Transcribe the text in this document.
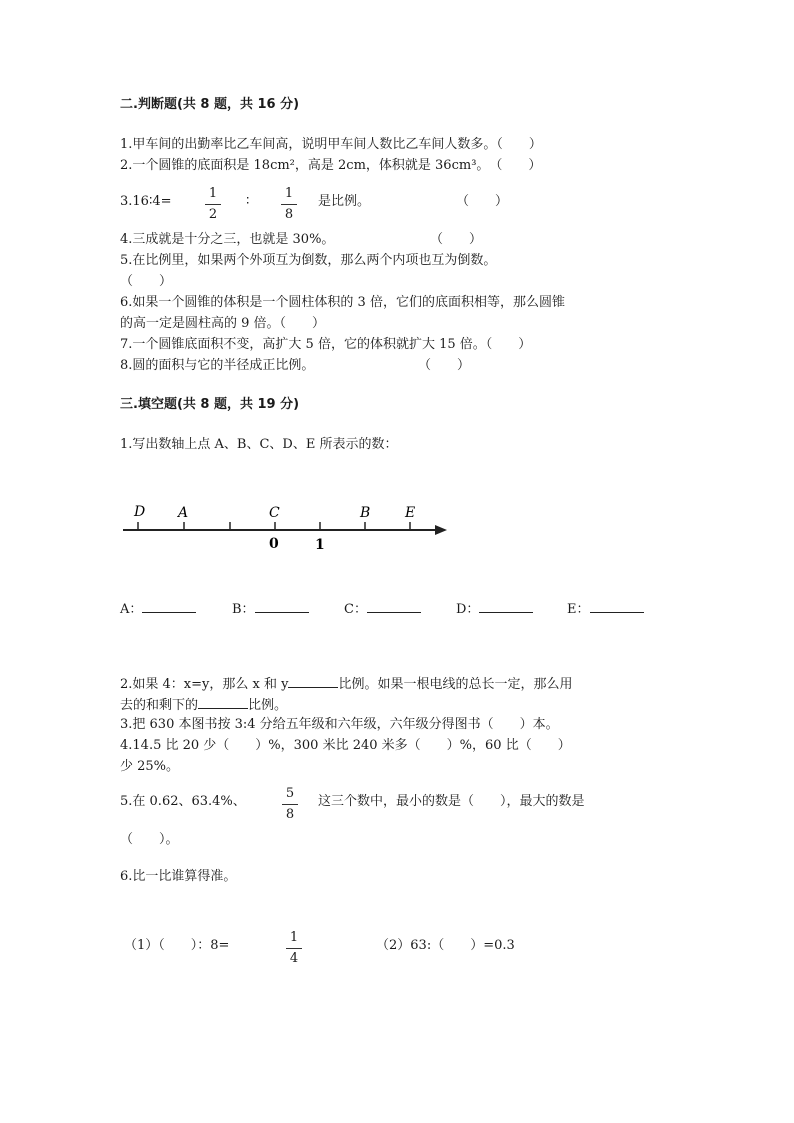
二.判断题(共 8 题，共 16 分)
1.甲车间的出勤率比乙车间高，说明甲车间人数比乙车间人数多。（　　）
2.一个圆锥的底面积是 18cm²，高是 2cm，体积就是 36cm³。　（　　）
3.16∶4=
1
2
∶
1
8
是比例。	（　　）
4.三成就是十分之三，也就是 30%。	（　　）
5.在比例里，如果两个外项互为倒数，那么两个内项也互为倒数。
（　　）
6.如果一个圆锥的体积是一个圆柱体积的 3 倍，它们的底面积相等，那么圆锥
的高一定是圆柱高的 9 倍。（　　）
7.一个圆锥底面积不变，高扩大 5 倍，它的体积就扩大 15 倍。（　　）
8.圆的面积与它的半径成正比例。	（　　）
三.填空题(共 8 题，共 19 分)
1.写出数轴上点 A、B、C、D、E 所表示的数：
D A	C	B E
0	1
A：	B：	C：	D：	E：
2.如果 4：x=y，那么 x 和 y	比例。如果一根电线的总长一定，那么用
去的和剩下的	比例。
3.把 630 本图书按 3:4 分给五年级和六年级，六年级分得图书（　　）本。
4.14.5 比 20 少（　　）%，300 米比 240 米多（　　）%，60 比（　　）
少 25%。
5.在 0.62、63.4%、
5
8
这三个数中，最小的数是（　　），最大的数是
（　　）。
6.比一比谁算得准。
（1）（　　）：8=
1
4
（2）63:（　　）=0.3
